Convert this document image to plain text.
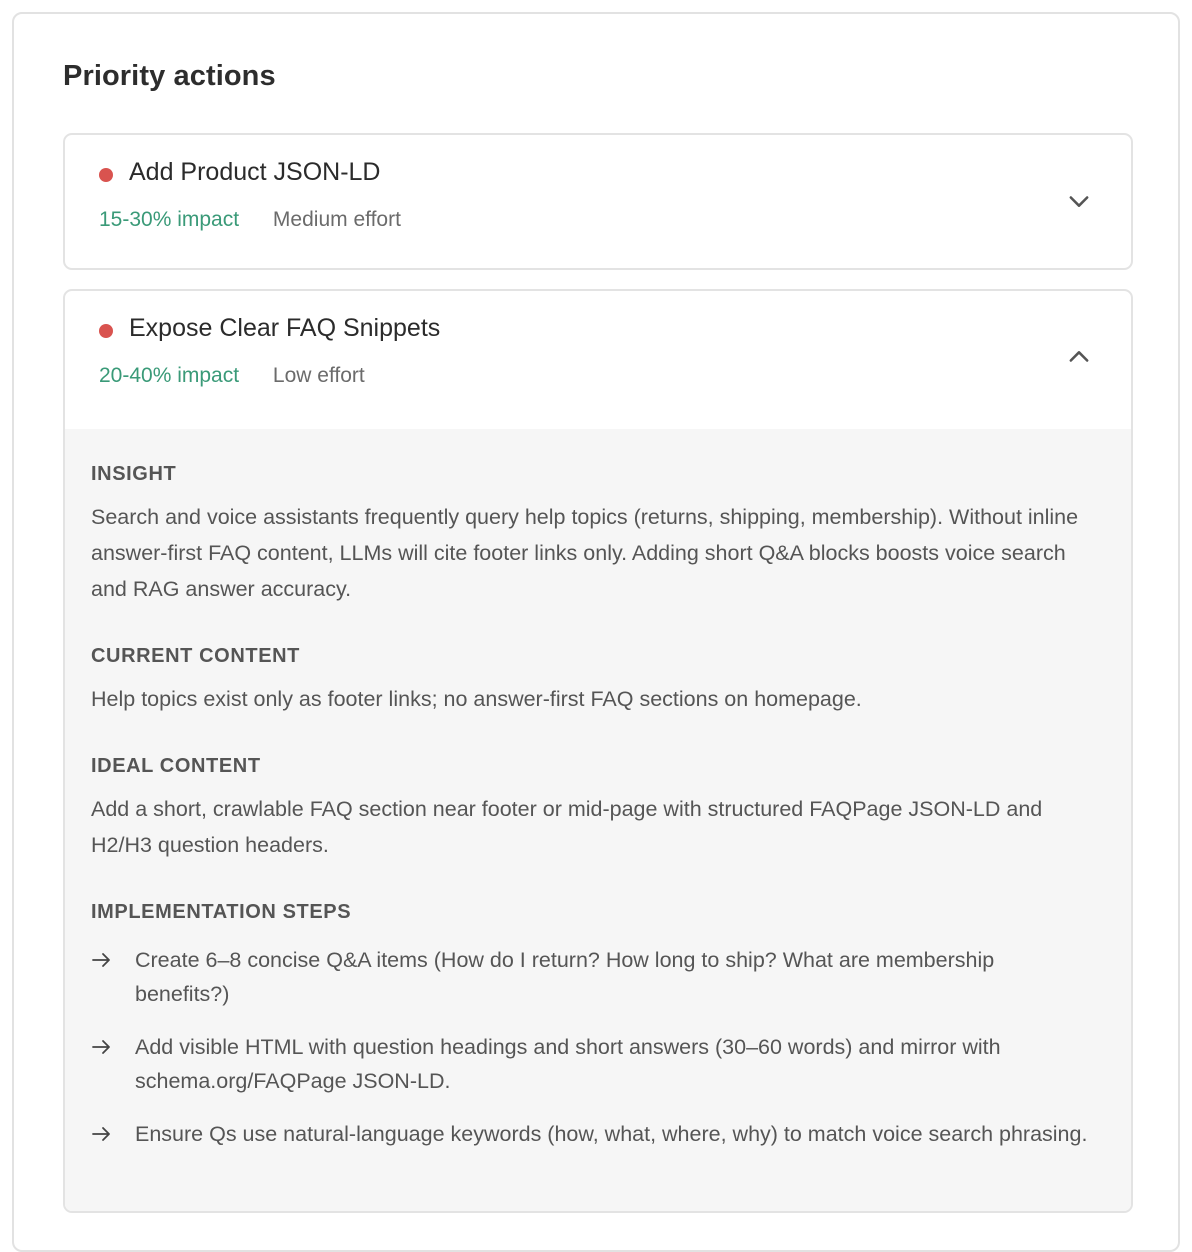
Priority actions
Add Product JSON-LD
15-30% impact Medium effort
Expose Clear FAQ Snippets
20-40% impact Low effort
INSIGHT

Search and voice assistants frequently query help topics (returns, shipping, membership). Without inline answer-first FAQ content, LLMs will cite footer links only. Adding short Q&A blocks boosts voice search and RAG answer accuracy.

CURRENT CONTENT

Help topics exist only as footer links; no answer-first FAQ sections on homepage.

IDEAL CONTENT

Add a short, crawlable FAQ section near footer or mid-page with structured FAQPage JSON-LD and H2/H3 question headers.

IMPLEMENTATION STEPS
Create 6–8 concise Q&A items (How do I return? How long to ship? What are membership benefits?)
Add visible HTML with question headings and short answers (30–60 words) and mirror with schema.org/FAQPage JSON-LD.
Ensure Qs use natural-language keywords (how, what, where, why) to match voice search phrasing.
